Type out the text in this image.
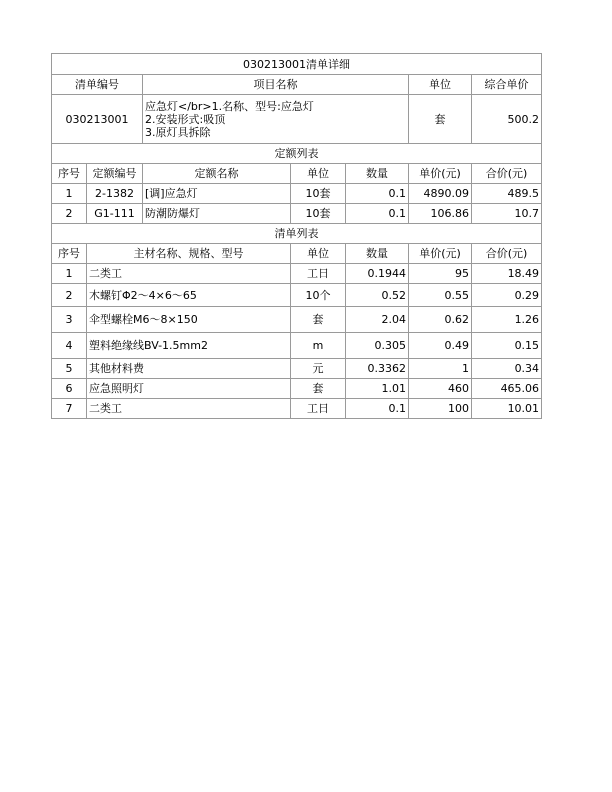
030213001清单详细			
清单编号	项目名称	单位	综合单价
030213001	应急灯</br>1.名称、型号:应急灯
2.安装形式:吸顶
3.原灯具拆除	套	500.2
定额列表						
序号	定额编号	定额名称	单位	数量	单价(元)	合价(元)
1	2-1382	[调]应急灯	10套	0.1	4890.09	489.5
2	G1-111	防潮防爆灯	10套	0.1	106.86	10.7
清单列表					
序号	主材名称、规格、型号	单位	数量	单价(元)	合价(元)
1	二类工	工日	0.1944	95	18.49
2	木螺钉Φ2～4×6～65	10个	0.52	0.55	0.29
3	伞型螺栓M6～8×150	套	2.04	0.62	1.26
4	塑料绝缘线BV-1.5mm2	m	0.305	0.49	0.15
5	其他材料费	元	0.3362	1	0.34
6	应急照明灯	套	1.01	460	465.06
7	二类工	工日	0.1	100	10.01
